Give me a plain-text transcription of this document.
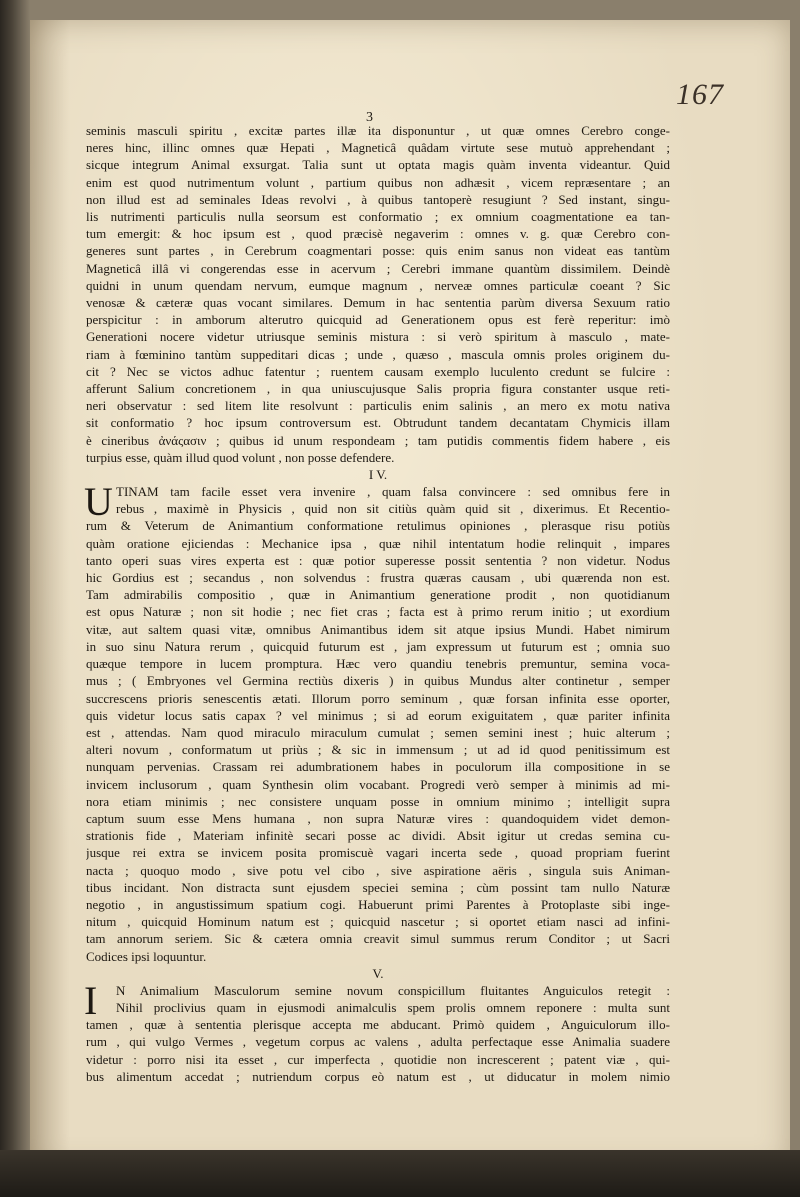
167
3
seminis masculi spiritu , excitæ partes illæ ita disponuntur , ut quæ omnes Cerebro conge-
neres hinc, illinc omnes quæ Hepati , Magneticâ quâdam virtute sese mutuò apprehendant ;
sicque integrum Animal exsurgat. Talia sunt ut optata magis quàm inventa videantur. Quid
enim est quod nutrimentum volunt , partium quibus non adhæsit , vicem repræsentare ; an
non illud est ad seminales Ideas revolvi , à quibus tantoperè resugiunt ? Sed instant, singu-
lis nutrimenti particulis nulla seorsum est conformatio ; ex omnium coagmentatione ea tan-
tum emergit: & hoc ipsum est , quod præcisè negaverim : omnes v. g. quæ Cerebro con-
generes sunt partes , in Cerebrum coagmentari posse: quis enim sanus non videat eas tantùm
Magneticâ illâ vi congerendas esse in acervum ; Cerebri immane quantùm dissimilem. Deindè
quidni in unum quendam nervum, eumque magnum , nerveæ omnes particulæ coeant ? Sic
venosæ & cæteræ quas vocant similares. Demum in hac sententia parùm diversa Sexuum ratio
perspicitur : in amborum alterutro quicquid ad Generationem opus est ferè reperitur: imò
Generationi nocere videtur utriusque seminis mistura : si verò spiritum à masculo , mate-
riam à fœminino tantùm suppeditari dicas ; unde , quæso , mascula omnis proles originem du-
cit ? Nec se victos adhuc fatentur ; ruentem causam exemplo luculento credunt se fulcire :
afferunt Salium concretionem , in qua uniuscujusque Salis propria figura constanter usque reti-
neri observatur : sed litem lite resolvunt : particulis enim salinis , an mero ex motu nativa
sit conformatio ? hoc ipsum controversum est. Obtrudunt tandem decantatam Chymicis illam
è cineribus ἀνάςασιν ; quibus id unum respondeam ; tam putidis commentis fidem habere , eis
turpius esse, quàm illud quod volunt , non posse defendere.
I V.
U TINAM tam facile esset vera invenire , quam falsa convincere : sed omnibus fere in
rebus , maximè in Physicis , quid non sit citiùs quàm quid sit , dixerimus. Et Recentio-
rum & Veterum de Animantium conformatione retulimus opiniones , plerasque risu potiùs
quàm oratione ejiciendas : Mechanice ipsa , quæ nihil intentatum hodie relinquit , impares
tanto operi suas vires experta est : quæ potior superesse possit sententia ? non videtur. Nodus
hic Gordius est ; secandus , non solvendus : frustra quæras causam , ubi quærenda non est.
Tam admirabilis compositio , quæ in Animantium generatione prodit , non quotidianum
est opus Naturæ ; non sit hodie ; nec fiet cras ; facta est à primo rerum initio ; ut exordium
vitæ, aut saltem quasi vitæ, omnibus Animantibus idem sit atque ipsius Mundi. Habet nimirum
in suo sinu Natura rerum , quicquid futurum est , jam expressum ut futurum est ; omnia suo
quæque tempore in lucem promptura. Hæc vero quandiu tenebris premuntur, semina voca-
mus ; ( Embryones vel Germina rectiùs dixeris ) in quibus Mundus alter continetur , semper
succrescens prioris senescentis ætati. Illorum porro seminum , quæ forsan infinita esse oporter,
quis videtur locus satis capax ? vel minimus ; si ad eorum exiguitatem , quæ pariter infinita
est , attendas. Nam quod miraculo miraculum cumulat ; semen semini inest ; huic alterum ;
alteri novum , conformatum ut priùs ; & sic in immensum ; ut ad id quod penitissimum est
nunquam pervenias. Crassam rei adumbrationem habes in poculorum illa compositione in se
invicem inclusorum , quam Synthesin olim vocabant. Progredi verò semper à minimis ad mi-
nora etiam minimis ; nec consistere unquam posse in omnium minimo ; intelligit supra
captum suum esse Mens humana , non supra Naturæ vires : quandoquidem videt demon-
strationis fide , Materiam infinitè secari posse ac dividi. Absit igitur ut credas semina cu-
jusque rei extra se invicem posita promiscuè vagari incerta sede , quoad propriam fuerint
nacta ; quoquo modo , sive potu vel cibo , sive aspiratione aëris , singula suis Animan-
tibus incidant. Non distracta sunt ejusdem speciei semina ; cùm possint tam nullo Naturæ
negotio , in angustissimum spatium cogi. Habuerunt primi Parentes à Protoplaste sibi inge-
nitum , quicquid Hominum natum est ; quicquid nascetur ; si oportet etiam nasci ad infini-
tam annorum seriem. Sic & cætera omnia creavit simul summus rerum Conditor ; ut Sacri
Codices ipsi loquuntur.
V.
I	N Animalium Masculorum semine novum conspicillum fluitantes Anguiculos retegit :
Nihil proclivius quam in ejusmodi animalculis spem prolis omnem reponere : multa sunt
tamen , quæ à sententia plerisque accepta me abducant. Primò quidem , Anguiculorum illo-
rum , qui vulgo Vermes , vegetum corpus ac valens , adulta perfectaque esse Animalia suadere
videtur : porro nisi ita esset , cur imperfecta , quotidie non increscerent ; patent viæ , qui-
bus alimentum accedat ; nutriendum corpus eò natum est , ut diducatur in molem nimio
